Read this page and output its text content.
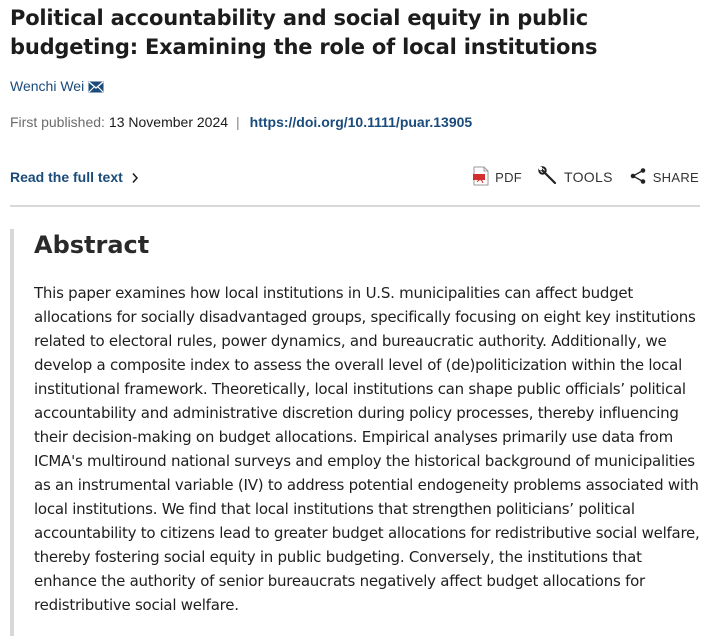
Political accountability and social equity in public budgeting: Examining the role of local institutions
Wenchi Wei
First published: 13 November 2024 | https://doi.org/10.1111/puar.13905
Read the full text	PDF	TOOLS	SHARE
Abstract

This paper examines how local institutions in U.S. municipalities can affect budget allocations for socially disadvantaged groups, specifically focusing on eight key institutions related to electoral rules, power dynamics, and bureaucratic authority. Additionally, we develop a composite index to assess the overall level of (de)politicization within the local institutional framework. Theoretically, local institutions can shape public officials’ political accountability and administrative discretion during policy processes, thereby influencing their decision-making on budget allocations. Empirical analyses primarily use data from ICMA's multiround national surveys and employ the historical background of municipalities as an instrumental variable (IV) to address potential endogeneity problems associated with local institutions. We find that local institutions that strengthen politicians’ political accountability to citizens lead to greater budget allocations for redistributive social welfare, thereby fostering social equity in public budgeting. Conversely, the institutions that enhance the authority of senior bureaucrats negatively affect budget allocations for redistributive social welfare.
